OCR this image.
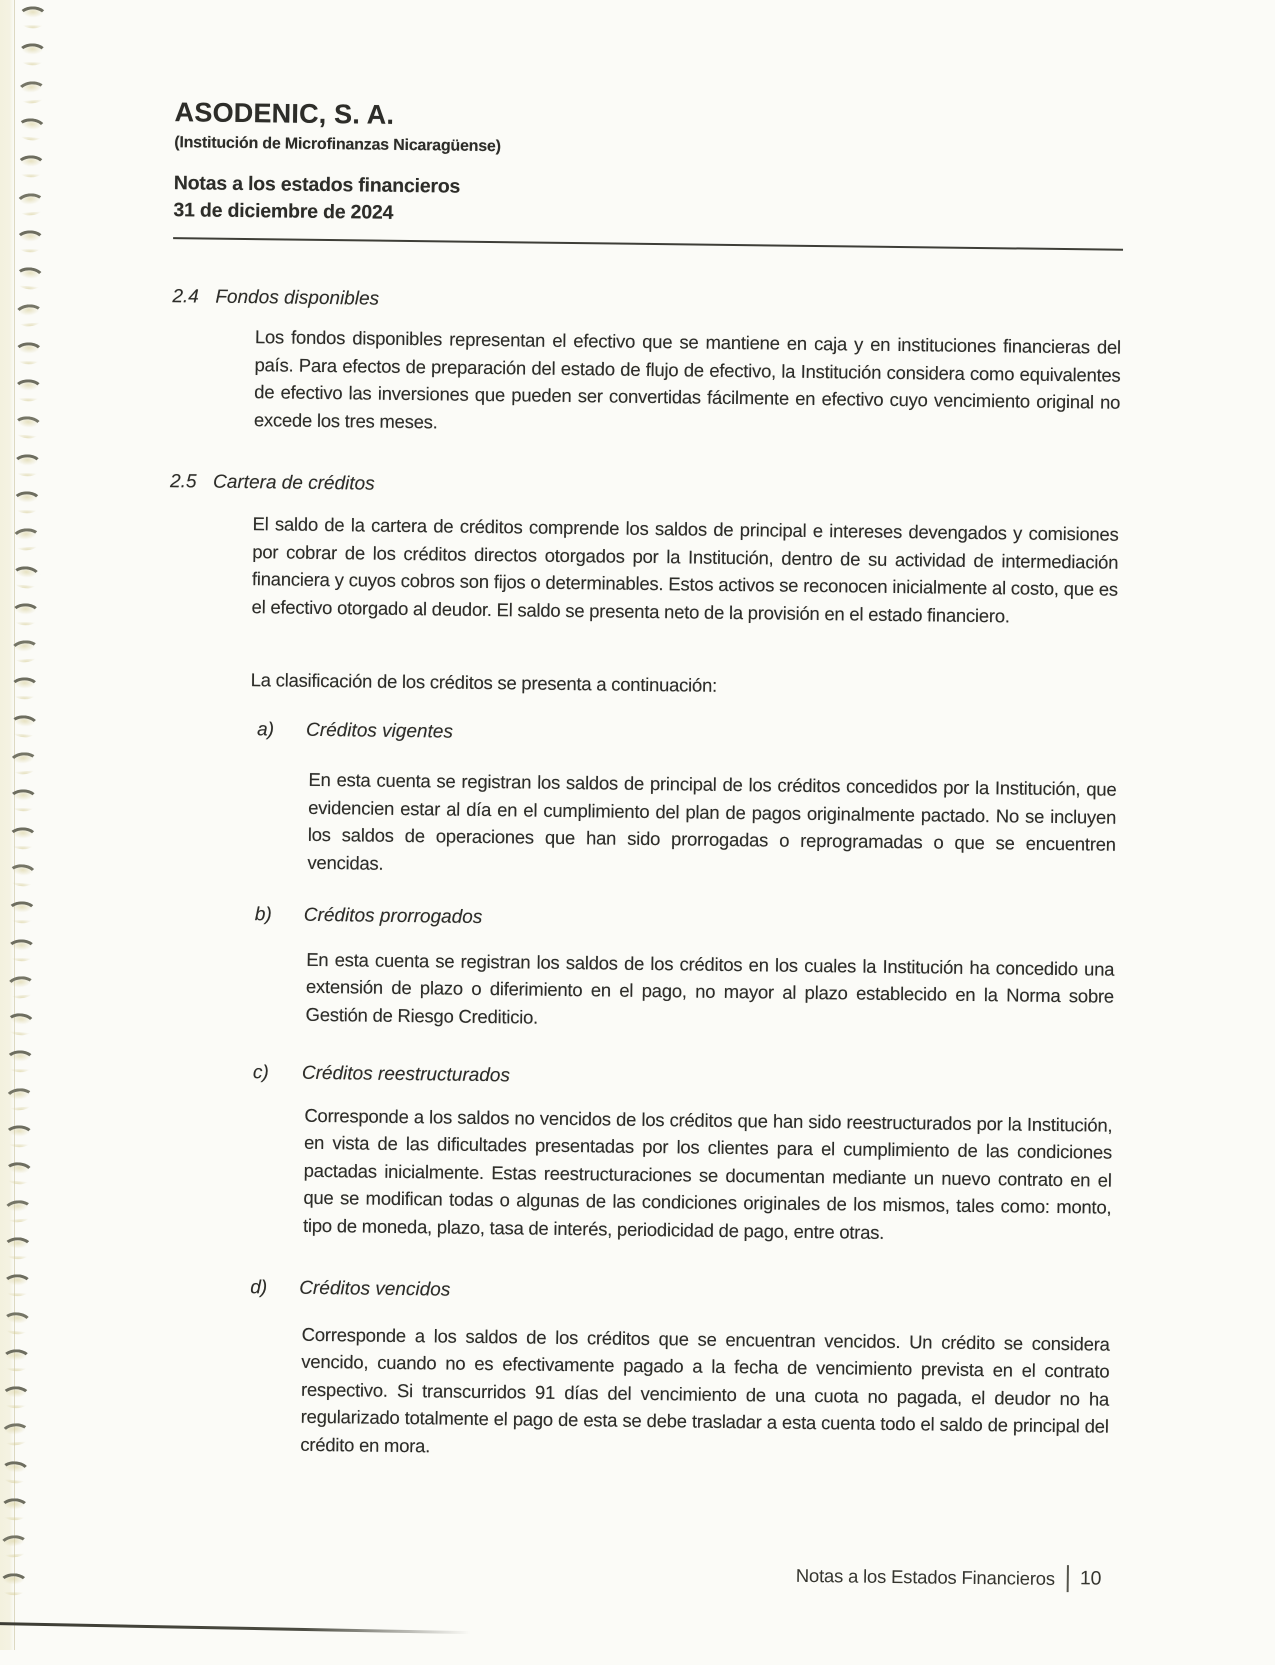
ASODENIC, S. A.
(Institución de Microfinanzas Nicaragüense)
Notas a los estados financieros
31 de diciembre de 2024
2.4 Fondos disponibles

Los fondos disponibles representan el efectivo que se mantiene en caja y en instituciones financieras del país. Para efectos de preparación del estado de flujo de efectivo, la Institución considera como equivalentes de efectivo las inversiones que pueden ser convertidas fácilmente en efectivo cuyo vencimiento original no excede los tres meses.

2.5 Cartera de créditos

El saldo de la cartera de créditos comprende los saldos de principal e intereses devengados y comisiones por cobrar de los créditos directos otorgados por la Institución, dentro de su actividad de intermediación financiera y cuyos cobros son fijos o determinables. Estos activos se reconocen inicialmente al costo, que es el efectivo otorgado al deudor. El saldo se presenta neto de la provisión en el estado financiero.

La clasificación de los créditos se presenta a continuación:

a) Créditos vigentes

En esta cuenta se registran los saldos de principal de los créditos concedidos por la Institución, que evidencien estar al día en el cumplimiento del plan de pagos originalmente pactado. No se incluyen los saldos de operaciones que han sido prorrogadas o reprogramadas o que se encuentren vencidas.

b) Créditos prorrogados

En esta cuenta se registran los saldos de los créditos en los cuales la Institución ha concedido una extensión de plazo o diferimiento en el pago, no mayor al plazo establecido en la Norma sobre Gestión de Riesgo Crediticio.

c) Créditos reestructurados

Corresponde a los saldos no vencidos de los créditos que han sido reestructurados por la Institución, en vista de las dificultades presentadas por los clientes para el cumplimiento de las condiciones pactadas inicialmente. Estas reestructuraciones se documentan mediante un nuevo contrato en el que se modifican todas o algunas de las condiciones originales de los mismos, tales como: monto, tipo de moneda, plazo, tasa de interés, periodicidad de pago, entre otras.

d) Créditos vencidos

Corresponde a los saldos de los créditos que se encuentran vencidos. Un crédito se considera vencido, cuando no es efectivamente pagado a la fecha de vencimiento prevista en el contrato respectivo. Si transcurridos 91 días del vencimiento de una cuota no pagada, el deudor no ha regularizado totalmente el pago de esta se debe trasladar a esta cuenta todo el saldo de principal del crédito en mora.

Notas a los Estados Financieros 10
